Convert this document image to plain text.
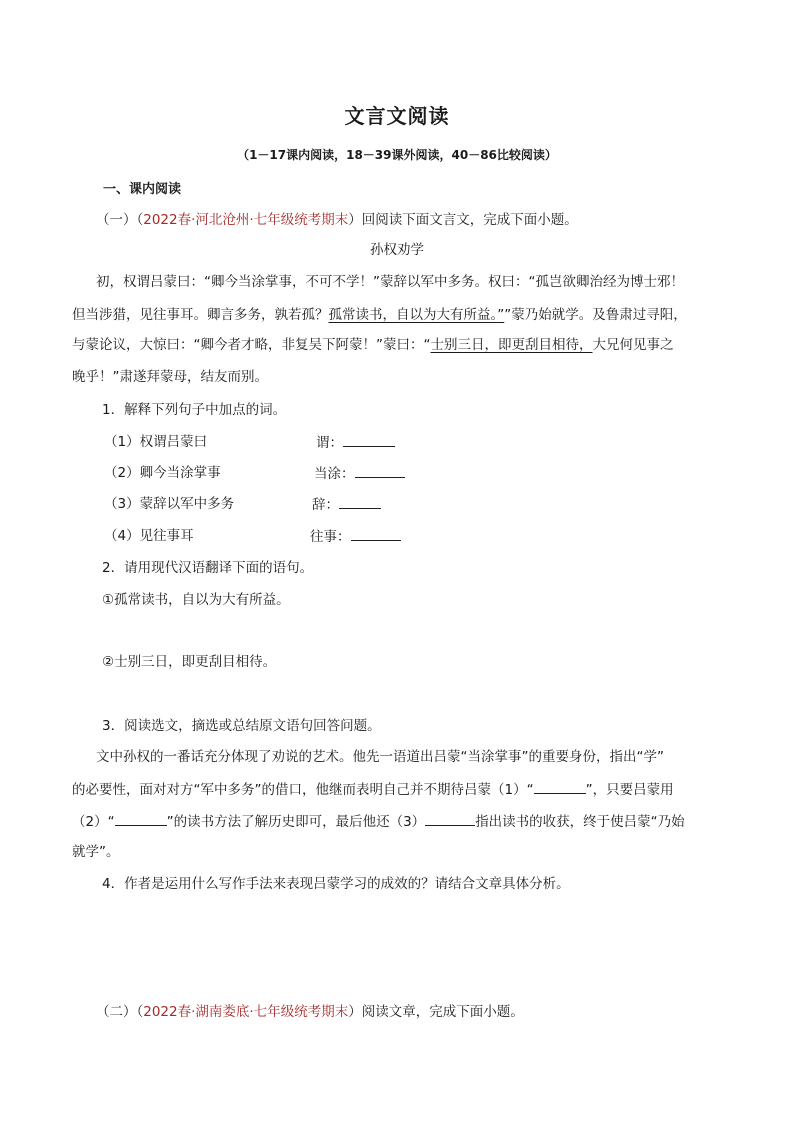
文言文阅读
（1－17课内阅读，18－39课外阅读，40－86比较阅读）
一、课内阅读
（一）（2022春·河北沧州·七年级统考期末）回阅读下面文言文，完成下面小题。
孙权劝学
初，权谓吕蒙曰：“卿今当涂掌事，不可不学！”蒙辞以军中多务。权曰：“孤岂欲卿治经为博士邪！
但当涉猎，见往事耳。卿言多务，孰若孤？孤常读书，自以为大有所益。””蒙乃始就学。及鲁肃过寻阳，
与蒙论议，大惊曰：“卿今者才略，非复吴下阿蒙！”蒙曰：“士别三日，即更刮目相待，大兄何见事之
晚乎！”肃遂拜蒙母，结友而别。
1．解释下列句子中加点的词。
（1）权谓吕蒙曰	谓：
（2）卿今当涂掌事	当涂：
（3）蒙辞以军中多务	辞：
（4）见往事耳	往事：
2．请用现代汉语翻译下面的语句。
①孤常读书，自以为大有所益。
②士别三日，即更刮目相待。
3．阅读选文，摘选或总结原文语句回答问题。
文中孙权的一番话充分体现了劝说的艺术。他先一语道出吕蒙“当涂掌事”的重要身份，指出“学”
的必要性，面对对方“军中多务”的借口，他继而表明自己并不期待吕蒙（1）“	”，只要吕蒙用
（2）“	”的读书方法了解历史即可，最后他还（3）	指出读书的收获，终于使吕蒙“乃始
就学”。
4．作者是运用什么写作手法来表现吕蒙学习的成效的？请结合文章具体分析。
（二）（2022春·湖南娄底·七年级统考期末）阅读文章，完成下面小题。
